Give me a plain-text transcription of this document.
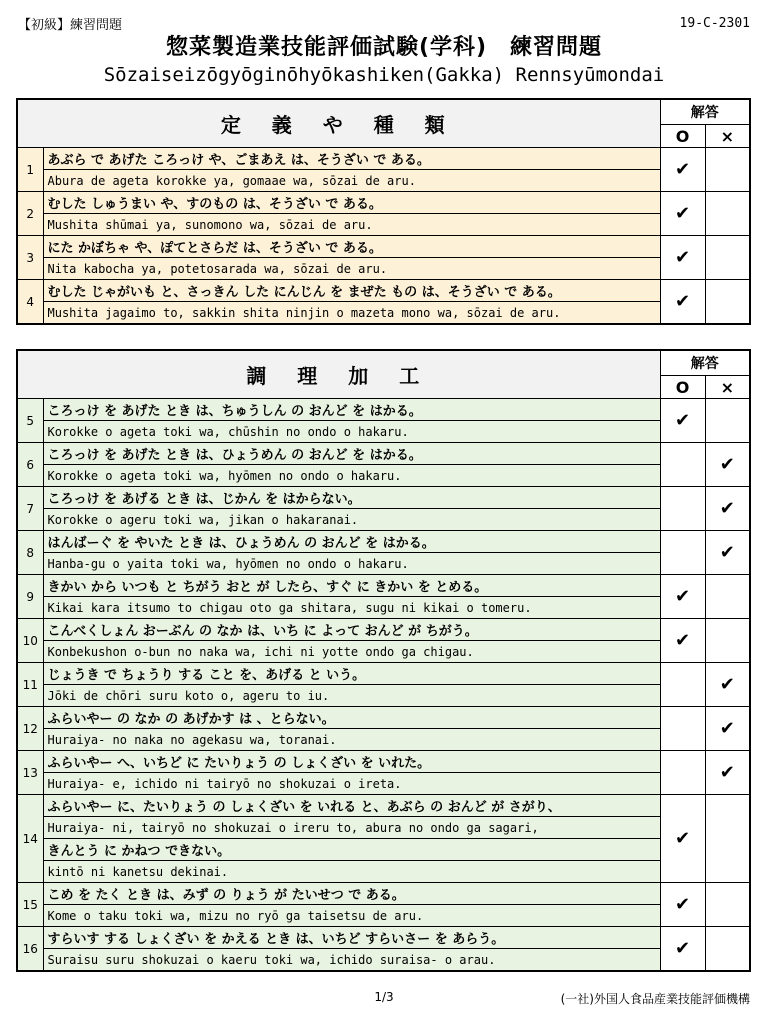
【初級】練習問題	19-C-2301
惣菜製造業技能評価試験(学科)　練習問題
Sōzaiseizōgyōginōhyōkashiken(Gakka) Rennsyūmondai
定 義 や 種 類		解答	
		O	×
1	あぶら で あげた ころっけ や、ごまあえ は、そうざい で ある。	✔	
	Abura de ageta korokke ya, gomaae wa, sōzai de aru.		
2	むした しゅうまい や、すのもの は、そうざい で ある。	✔	
	Mushita shūmai ya, sunomono wa, sōzai de aru.		
3	にた かぼちゃ や、ぽてとさらだ は、そうざい で ある。	✔	
	Nita kabocha ya, potetosarada wa, sōzai de aru.		
4	むした じゃがいも と、さっきん した にんじん を まぜた もの は、そうざい で ある。	✔	
	Mushita jagaimo to, sakkin shita ninjin o mazeta mono wa, sōzai de aru.		
調 理 加 工		解答	
		O	×
5	ころっけ を あげた とき は、ちゅうしん の おんど を はかる。	✔	
	Korokke o ageta toki wa, chūshin no ondo o hakaru.		
6	ころっけ を あげた とき は、ひょうめん の おんど を はかる。		✔
	Korokke o ageta toki wa, hyōmen no ondo o hakaru.		
7	ころっけ を あげる とき は、じかん を はからない。		✔
	Korokke o ageru toki wa, jikan o hakaranai.		
8	はんばーぐ を やいた とき は、ひょうめん の おんど を はかる。		✔
	Hanba-gu o yaita toki wa, hyōmen no ondo o hakaru.		
9	きかい から いつも と ちがう おと が したら、すぐ に きかい を とめる。	✔	
	Kikai kara itsumo to chigau oto ga shitara, sugu ni kikai o tomeru.		
10	こんべくしょん おーぶん の なか は、いち に よって おんど が ちがう。	✔	
	Konbekushon o-bun no naka wa, ichi ni yotte ondo ga chigau.		
11	じょうき で ちょうり する こと を、あげる と いう。		✔
	Jōki de chōri suru koto o, ageru to iu.		
12	ふらいやー の なか の あげかす は 、とらない。		✔
	Huraiya- no naka no agekasu wa, toranai.		
13	ふらいやー へ、いちど に たいりょう の しょくざい を いれた。		✔
	Huraiya- e, ichido ni tairyō no shokuzai o ireta.		
14	ふらいやー に、たいりょう の しょくざい を いれる と、あぶら の おんど が さがり、	✔	
	Huraiya- ni, tairyō no shokuzai o ireru to, abura no ondo ga sagari,		
	きんとう に かねつ できない。		
	kintō ni kanetsu dekinai.		
15	こめ を たく とき は、みず の りょう が たいせつ で ある。	✔	
	Kome o taku toki wa, mizu no ryō ga taisetsu de aru.		
16	すらいす する しょくざい を かえる とき は、いちど すらいさー を あらう。	✔	
	Suraisu suru shokuzai o kaeru toki wa, ichido suraisa- o arau.		
1/3	(一社)外国人食品産業技能評価機構
